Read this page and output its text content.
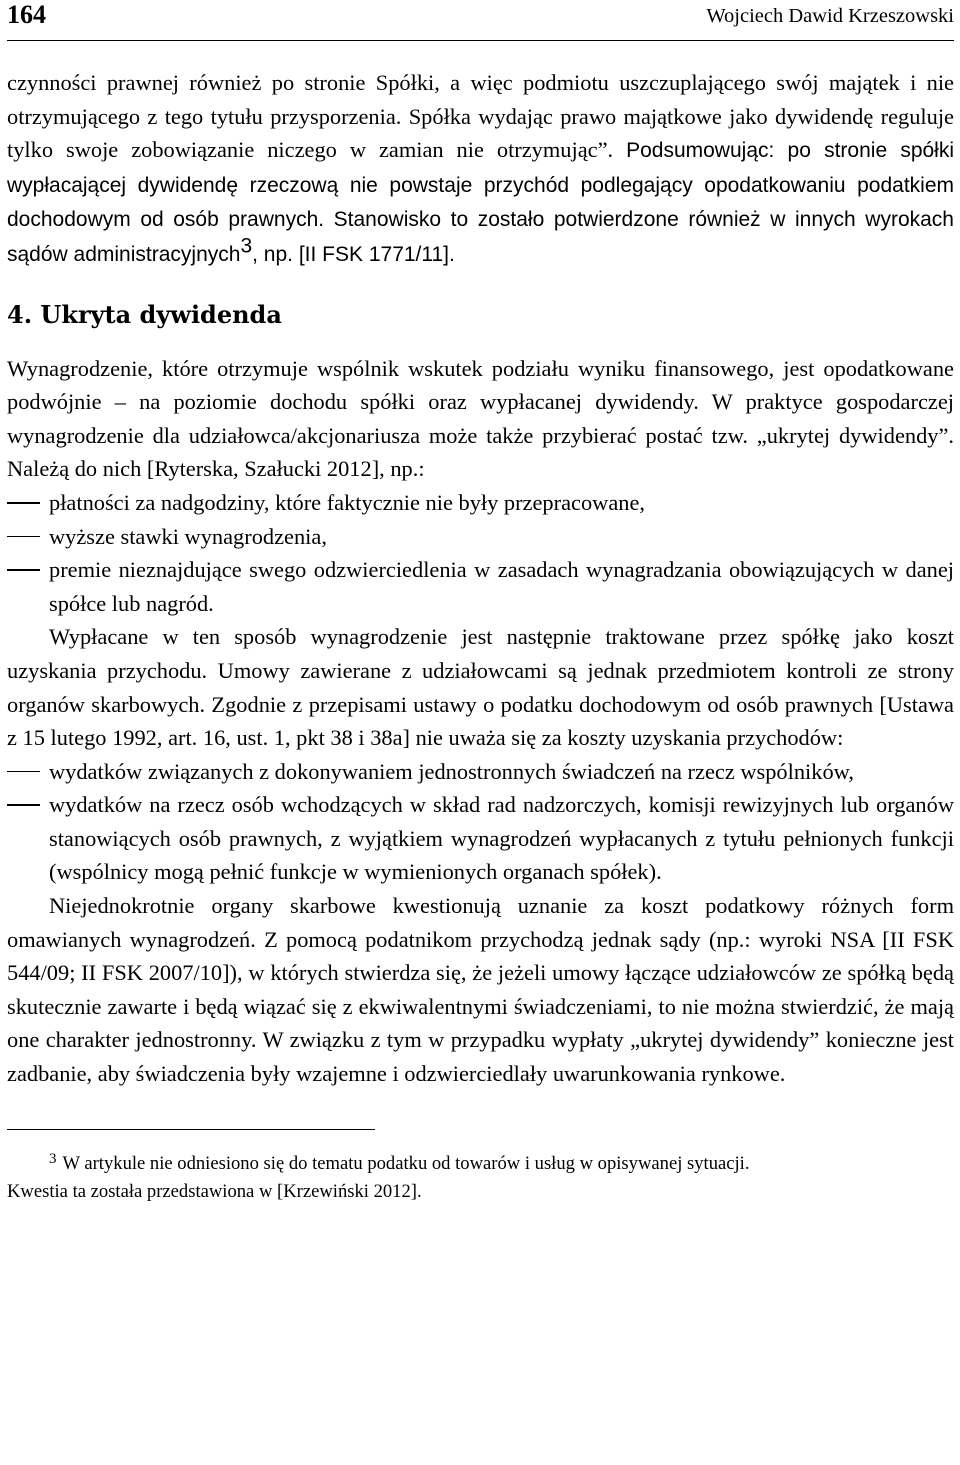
164	Wojciech Dawid Krzeszowski

czynności prawnej również po stronie Spółki, a więc podmiotu uszczuplającego swój majątek i nie otrzymującego z tego tytułu przysporzenia. Spółka wydając prawo majątkowe jako dywidendę reguluje tylko swoje zobowiązanie niczego w zamian nie otrzymując”. Podsumowując: po stronie spółki wypłacającej dywidendę rzeczową nie powstaje przychód podlegający opodatkowaniu podatkiem dochodowym od osób prawnych. Stanowisko to zostało potwierdzone również w innych wyrokach sądów administracyjnych$^3$, np. [II FSK 1771/11].

4. Ukryta dywidenda

Wynagrodzenie, które otrzymuje wspólnik wskutek podziału wyniku finansowego, jest opodatkowane podwójnie – na poziomie dochodu spółki oraz wypłacanej dywidendy. W praktyce gospodarczej wynagrodzenie dla udziałowca/akcjonariusza może także przybierać postać tzw. „ukrytej dywidendy”. Należą do nich [Ryterska, Szałucki 2012], np.:

płatności za nadgodziny, które faktycznie nie były przepracowane,
wyższe stawki wynagrodzenia,
premie nieznajdujące swego odzwierciedlenia w zasadach wynagradzania obowiązujących w danej spółce lub nagród.

Wypłacane w ten sposób wynagrodzenie jest następnie traktowane przez spółkę jako koszt uzyskania przychodu. Umowy zawierane z udziałowcami są jednak przedmiotem kontroli ze strony organów skarbowych. Zgodnie z przepisami ustawy o podatku dochodowym od osób prawnych [Ustawa z 15 lutego 1992, art. 16, ust. 1, pkt 38 i 38a] nie uważa się za koszty uzyskania przychodów:

wydatków związanych z dokonywaniem jednostronnych świadczeń na rzecz wspólników,
wydatków na rzecz osób wchodzących w skład rad nadzorczych, komisji rewizyjnych lub organów stanowiących osób prawnych, z wyjątkiem wynagrodzeń wypłacanych z tytułu pełnionych funkcji (wspólnicy mogą pełnić funkcje w wymienionych organach spółek).

Niejednokrotnie organy skarbowe kwestionują uznanie za koszt podatkowy różnych form omawianych wynagrodzeń. Z pomocą podatnikom przychodzą jednak sądy (np.: wyroki NSA [II FSK 544/09; II FSK 2007/10]), w których stwierdza się, że jeżeli umowy łączące udziałowców ze spółką będą skutecznie zawarte i będą wiązać się z ekwiwalentnymi świadczeniami, to nie można stwierdzić, że mają one charakter jednostronny. W związku z tym w przypadku wypłaty „ukrytej dywidendy” konieczne jest zadbanie, aby świadczenia były wzajemne i odzwierciedlały uwarunkowania rynkowe.

$^3$ W artykule nie odniesiono się do tematu podatku od towarów i usług w opisywanej sytuacji.
Kwestia ta została przedstawiona w [Krzewiński 2012].
